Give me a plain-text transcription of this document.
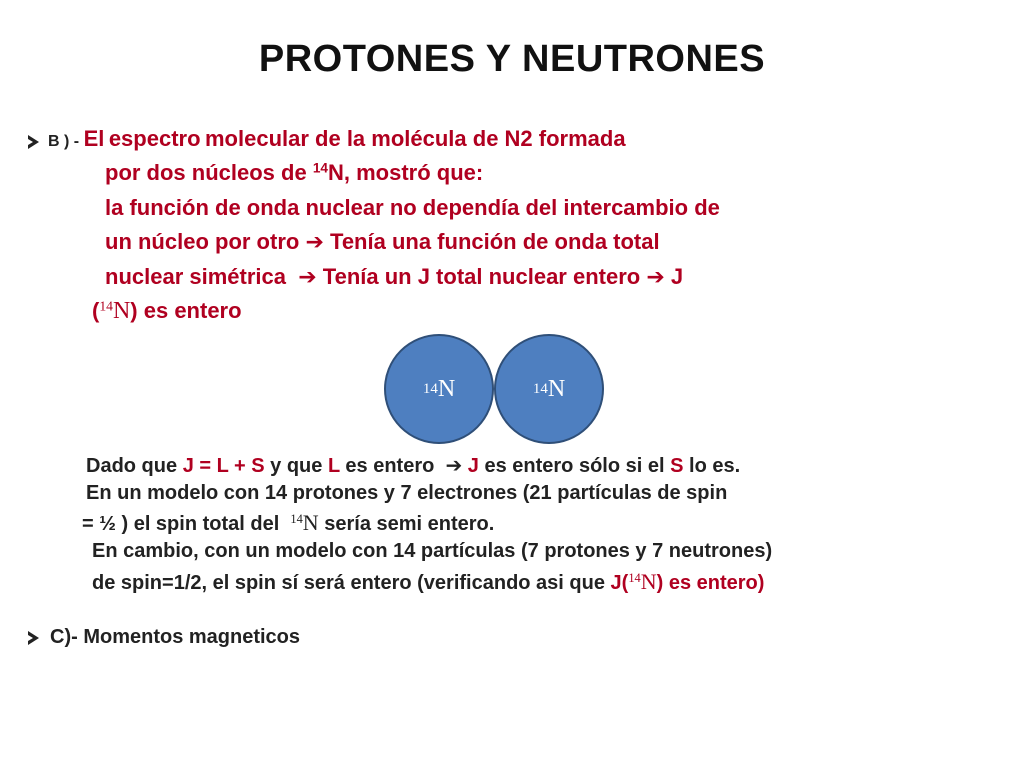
PROTONES Y NEUTRONES
B ) - El espectro molecular de la molécula de N2 formada
por dos núcleos de $^{14}$N, mostró que:
la función de onda nuclear no dependía del intercambio de
un núcleo por otro ➔ Tenía una función de onda total
nuclear simétrica ➔ Tenía un J total nuclear entero ➔ J
($^{14}$N) es entero
14 N	14 N
Dado que J = L + S y que L es entero ➔ J es entero sólo si el S lo es.
En un modelo con 14 protones y 7 electrones (21 partículas de spin
= ½ ) el spin total del $^{14}$N sería semi entero.
En cambio, con un modelo con 14 partículas (7 protones y 7 neutrones)
de spin=1/2, el spin sí será entero (verificando asi que J($^{14}$N) es entero)
C)- Momentos magneticos
